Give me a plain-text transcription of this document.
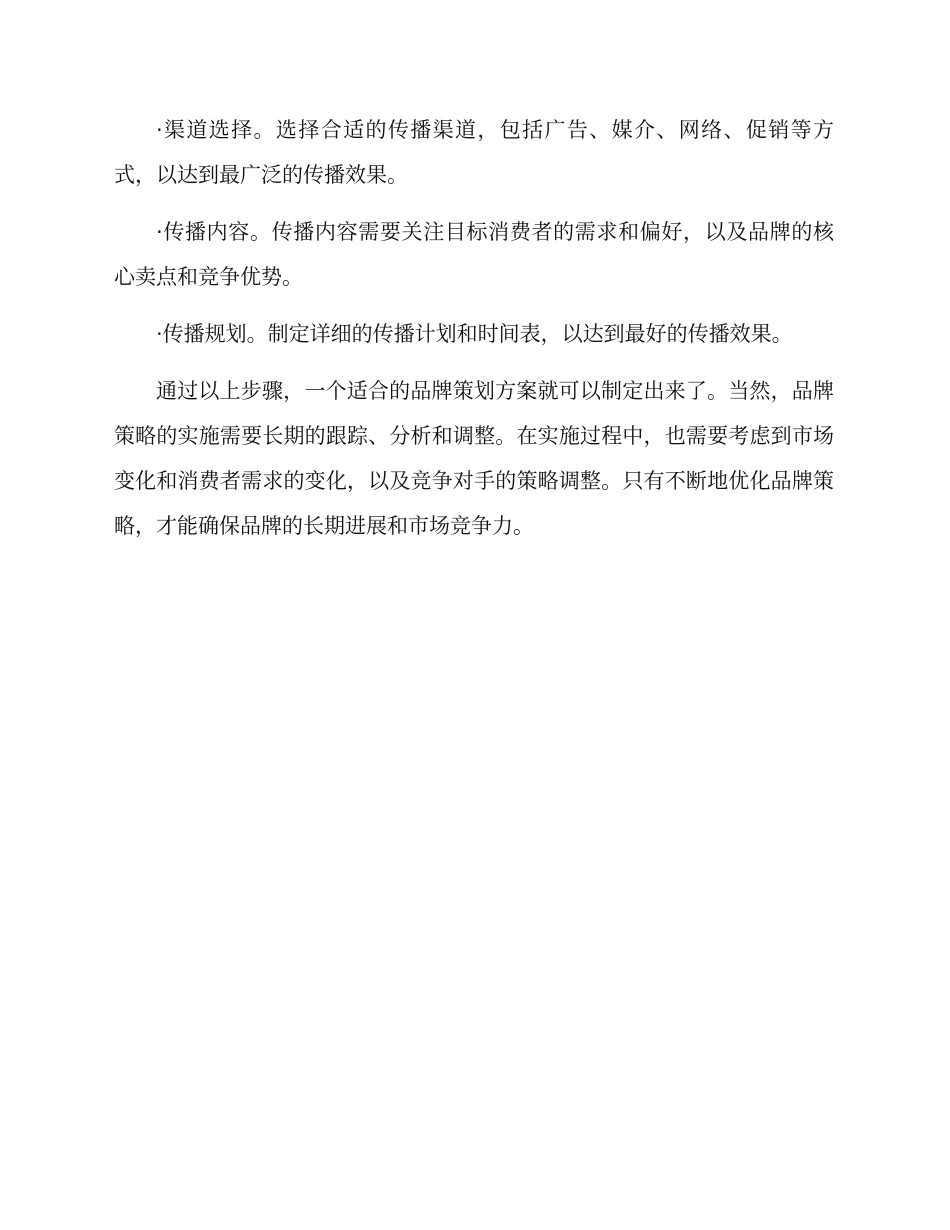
·渠道选择。选择合适的传播渠道，包括广告、媒介、网络、促销等方式，以达到最广泛的传播效果。

·传播内容。传播内容需要关注目标消费者的需求和偏好，以及品牌的核心卖点和竞争优势。

·传播规划。制定详细的传播计划和时间表，以达到最好的传播效果。

通过以上步骤，一个适合的品牌策划方案就可以制定出来了。当然，品牌策略的实施需要长期的跟踪、分析和调整。在实施过程中，也需要考虑到市场变化和消费者需求的变化，以及竞争对手的策略调整。只有不断地优化品牌策略，才能确保品牌的长期进展和市场竞争力。
